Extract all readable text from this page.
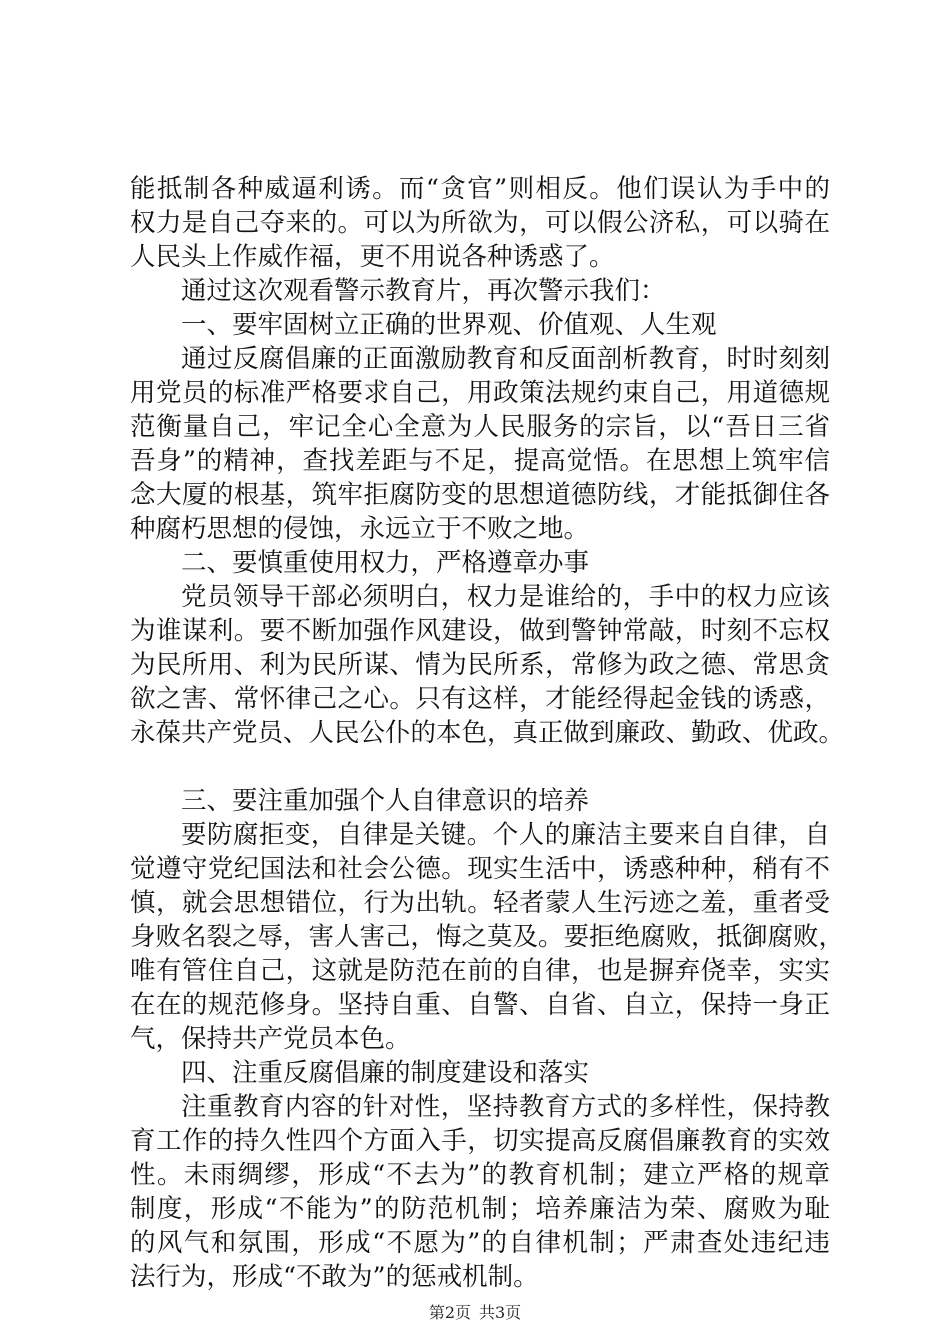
能抵制各种威逼利诱。而“贪官”则相反。他们误认为手中的
权力是自己夺来的。可以为所欲为，可以假公济私，可以骑在
人民头上作威作福，更不用说各种诱惑了。
通过这次观看警示教育片，再次警示我们：
一、要牢固树立正确的世界观、价值观、人生观
通过反腐倡廉的正面激励教育和反面剖析教育，时时刻刻
用党员的标准严格要求自己，用政策法规约束自己，用道德规
范衡量自己，牢记全心全意为人民服务的宗旨，以“吾日三省
吾身”的精神，查找差距与不足，提高觉悟。在思想上筑牢信
念大厦的根基，筑牢拒腐防变的思想道德防线，才能抵御住各
种腐朽思想的侵蚀，永远立于不败之地。
二、要慎重使用权力，严格遵章办事
党员领导干部必须明白，权力是谁给的，手中的权力应该
为谁谋利。要不断加强作风建设，做到警钟常敲，时刻不忘权
为民所用、利为民所谋、情为民所系，常修为政之德、常思贪
欲之害、常怀律己之心。只有这样，才能经得起金钱的诱惑，
永葆共产党员、人民公仆的本色，真正做到廉政、勤政、优政。
三、要注重加强个人自律意识的培养
要防腐拒变，自律是关键。个人的廉洁主要来自自律，自
觉遵守党纪国法和社会公德。现实生活中，诱惑种种，稍有不
慎，就会思想错位，行为出轨。轻者蒙人生污迹之羞，重者受
身败名裂之辱，害人害己，悔之莫及。要拒绝腐败，抵御腐败，
唯有管住自己，这就是防范在前的自律，也是摒弃侥幸，实实
在在的规范修身。坚持自重、自警、自省、自立，保持一身正
气，保持共产党员本色。
四、注重反腐倡廉的制度建设和落实
注重教育内容的针对性，坚持教育方式的多样性，保持教
育工作的持久性四个方面入手，切实提高反腐倡廉教育的实效
性。未雨绸缪，形成“不去为”的教育机制；建立严格的规章
制度，形成“不能为”的防范机制；培养廉洁为荣、腐败为耻
的风气和氛围，形成“不愿为”的自律机制；严肃查处违纪违
法行为，形成“不敢为”的惩戒机制。
第2页 共3页
